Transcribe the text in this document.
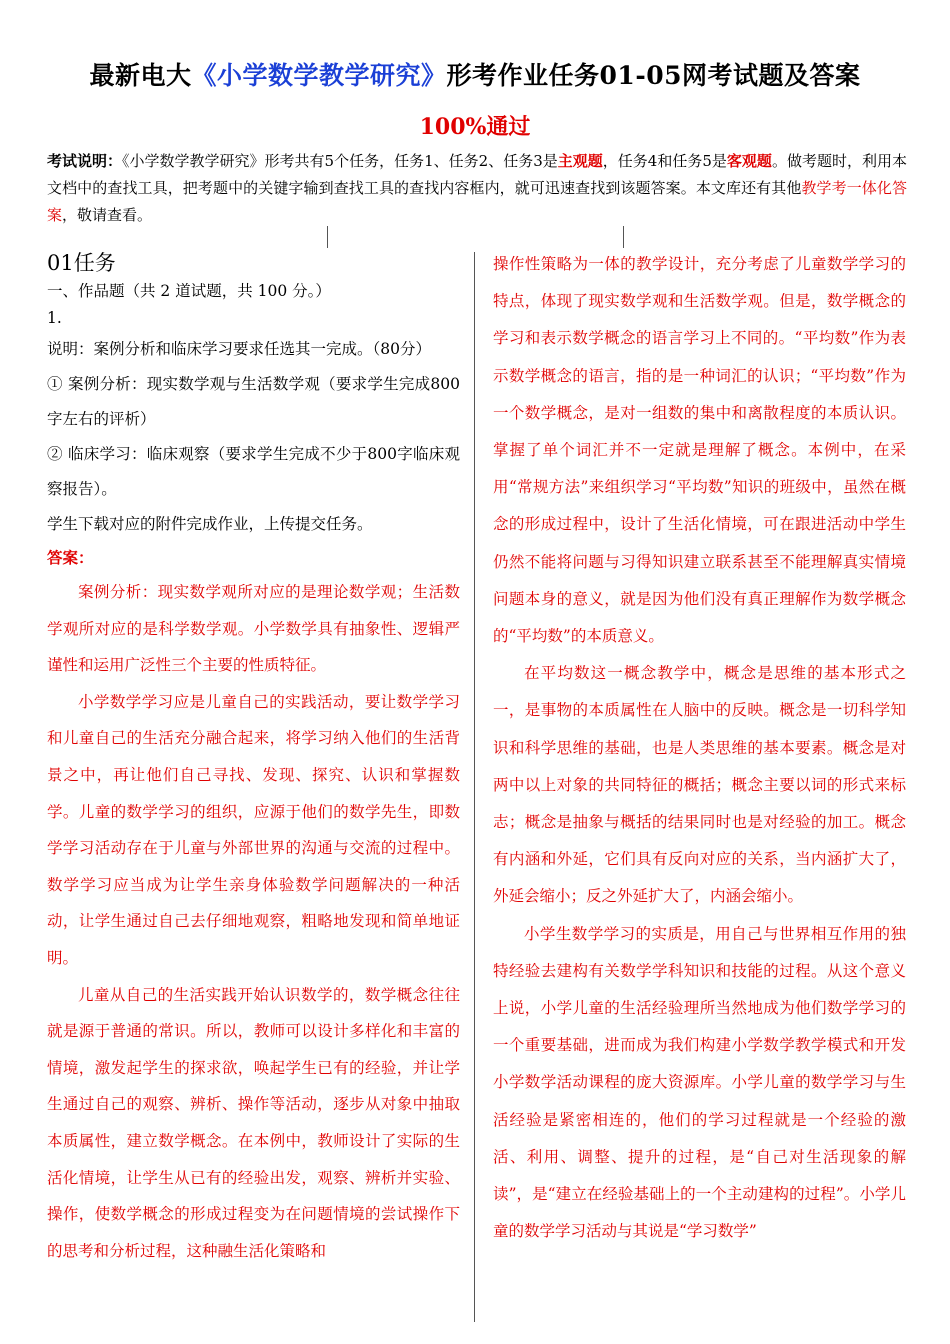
最新电大《小学数学教学研究》形考作业任务01-05网考试题及答案
100%通过
考试说明：《小学数学教学研究》形考共有5个任务，任务1、任务2、任务3是主观题，任务4和任务5是客观题。做考题时，利用本文档中的查找工具，把考题中的关键字输到查找工具的查找内容框内，就可迅速查找到该题答案。本文库还有其他教学考一体化答案，敬请查看。

01任务

一、作品题（共 2 道试题，共 100 分。）

1.

说明：案例分析和临床学习要求任选其一完成。（80分）

① 案例分析：现实数学观与生活数学观（要求学生完成800字左右的评析）

② 临床学习：临床观察（要求学生完成不少于800字临床观察报告）。

学生下载对应的附件完成作业，上传提交任务。

答案：

案例分析：现实数学观所对应的是理论数学观；生活数学观所对应的是科学数学观。小学数学具有抽象性、逻辑严谨性和运用广泛性三个主要的性质特征。

小学数学学习应是儿童自己的实践活动，要让数学学习和儿童自己的生活充分融合起来，将学习纳入他们的生活背景之中，再让他们自己寻找、发现、探究、认识和掌握数学。儿童的数学学习的组织，应源于他们的数学先生，即数学学习活动存在于儿童与外部世界的沟通与交流的过程中。数学学习应当成为让学生亲身体验数学问题解决的一种活动，让学生通过自己去仔细地观察，粗略地发现和简单地证明。

儿童从自己的生活实践开始认识数学的，数学概念往往就是源于普通的常识。所以，教师可以设计多样化和丰富的情境，激发起学生的探求欲，唤起学生已有的经验，并让学生通过自己的观察、辨析、操作等活动，逐步从对象中抽取本质属性，建立数学概念。在本例中，教师设计了实际的生活化情境，让学生从已有的经验出发，观察、辨析并实验、操作，使数学概念的形成过程变为在问题情境的尝试操作下的思考和分析过程，这种融生活化策略和

操作性策略为一体的教学设计，充分考虑了儿童数学学习的特点，体现了现实数学观和生活数学观。但是，数学概念的学习和表示数学概念的语言学习上不同的。“平均数”作为表示数学概念的语言，指的是一种词汇的认识；“平均数”作为一个数学概念，是对一组数的集中和离散程度的本质认识。掌握了单个词汇并不一定就是理解了概念。本例中，在采用“常规方法”来组织学习“平均数”知识的班级中，虽然在概念的形成过程中，设计了生活化情境，可在跟进活动中学生仍然不能将问题与习得知识建立联系甚至不能理解真实情境问题本身的意义，就是因为他们没有真正理解作为数学概念的“平均数”的本质意义。

在平均数这一概念教学中，概念是思维的基本形式之一，是事物的本质属性在人脑中的反映。概念是一切科学知识和科学思维的基础，也是人类思维的基本要素。概念是对两中以上对象的共同特征的概括；概念主要以词的形式来标志；概念是抽象与概括的结果同时也是对经验的加工。概念有内涵和外延，它们具有反向对应的关系，当内涵扩大了，外延会缩小；反之外延扩大了，内涵会缩小。

小学生数学学习的实质是，用自己与世界相互作用的独特经验去建构有关数学学科知识和技能的过程。从这个意义上说，小学儿童的生活经验理所当然地成为他们数学学习的一个重要基础，进而成为我们构建小学数学教学模式和开发小学数学活动课程的庞大资源库。小学儿童的数学学习与生活经验是紧密相连的，他们的学习过程就是一个经验的激活、利用、调整、提升的过程，是“自己对生活现象的解读”，是“建立在经验基础上的一个主动建构的过程”。小学儿童的数学学习活动与其说是“学习数学”
